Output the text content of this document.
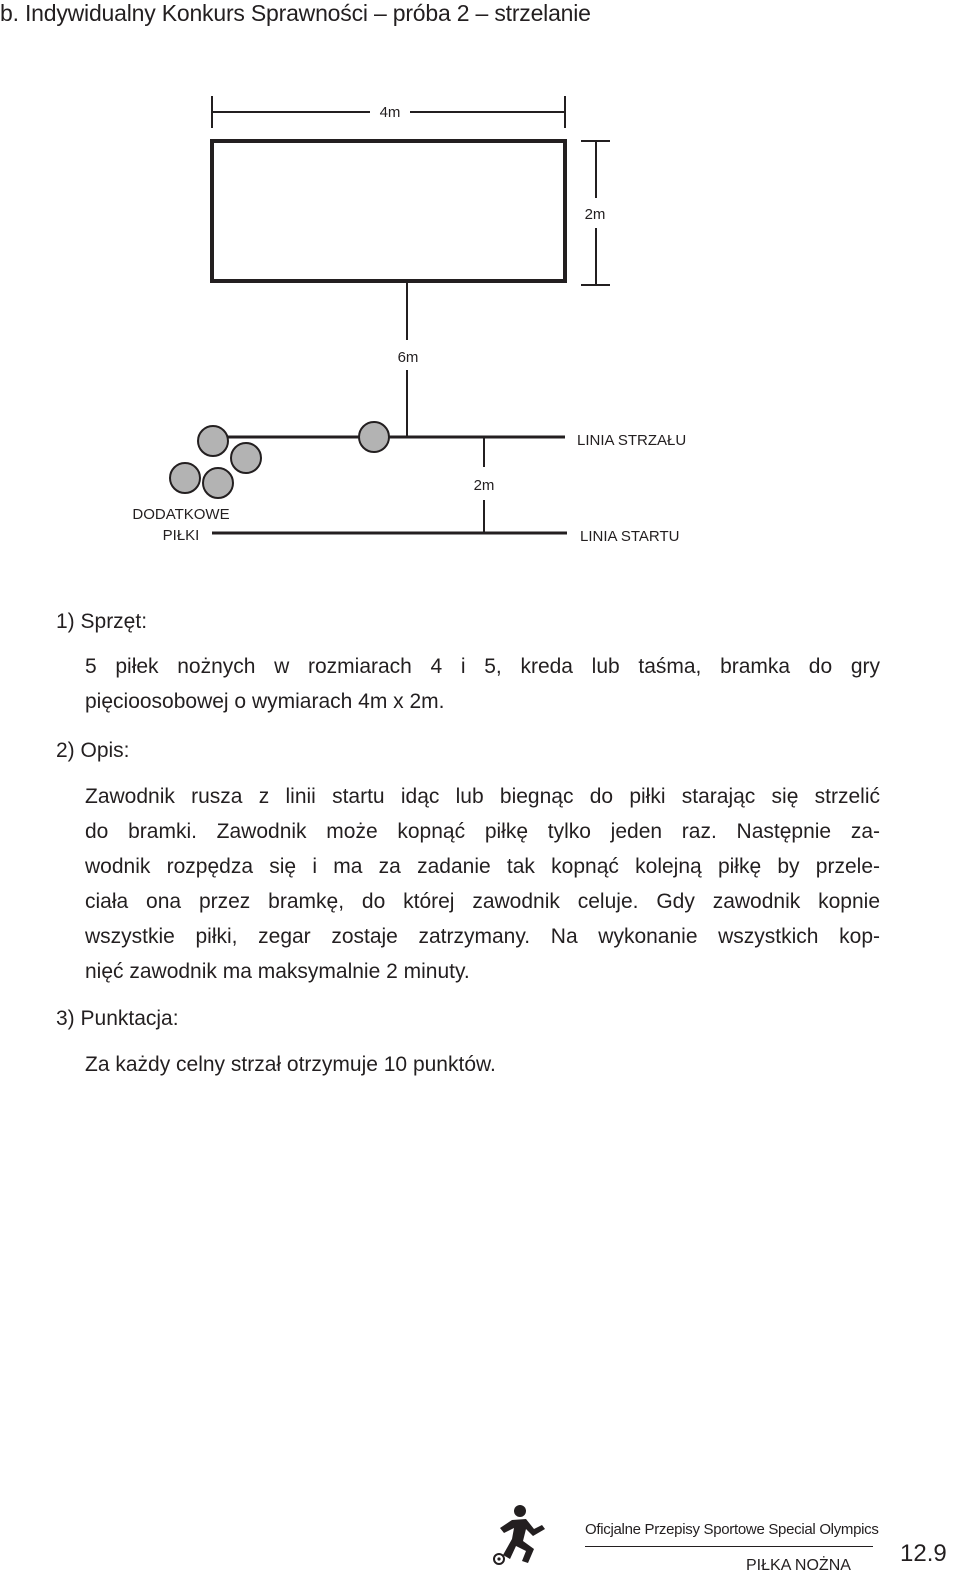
b. Indywidualny Konkurs Sprawności – próba 2 – strzelanie
4m
2m
6m
LINIA STRZAŁU
2m
LINIA STARTU
DODATKOWE
PIŁKI
1) Sprzęt:
5 piłek nożnych w rozmiarach 4 i 5, kreda lub taśma, bramka do gry
pięcioosobowej o wymiarach 4m x 2m.
2) Opis:
Zawodnik rusza z linii startu idąc lub biegnąc do piłki starając się strzelić
do bramki. Zawodnik może kopnąć piłkę tylko jeden raz. Następnie za-
wodnik rozpędza się i ma za zadanie tak kopnąć kolejną piłkę by przele-
ciała ona przez bramkę, do której zawodnik celuje. Gdy zawodnik kopnie
wszystkie piłki, zegar zostaje zatrzymany. Na wykonanie wszystkich kop-
nięć zawodnik ma maksymalnie 2 minuty.
3) Punktacja:
Za każdy celny strzał otrzymuje 10 punktów.
Oficjalne Przepisy Sportowe Special Olympics
PIŁKA NOŻNA 12.9
